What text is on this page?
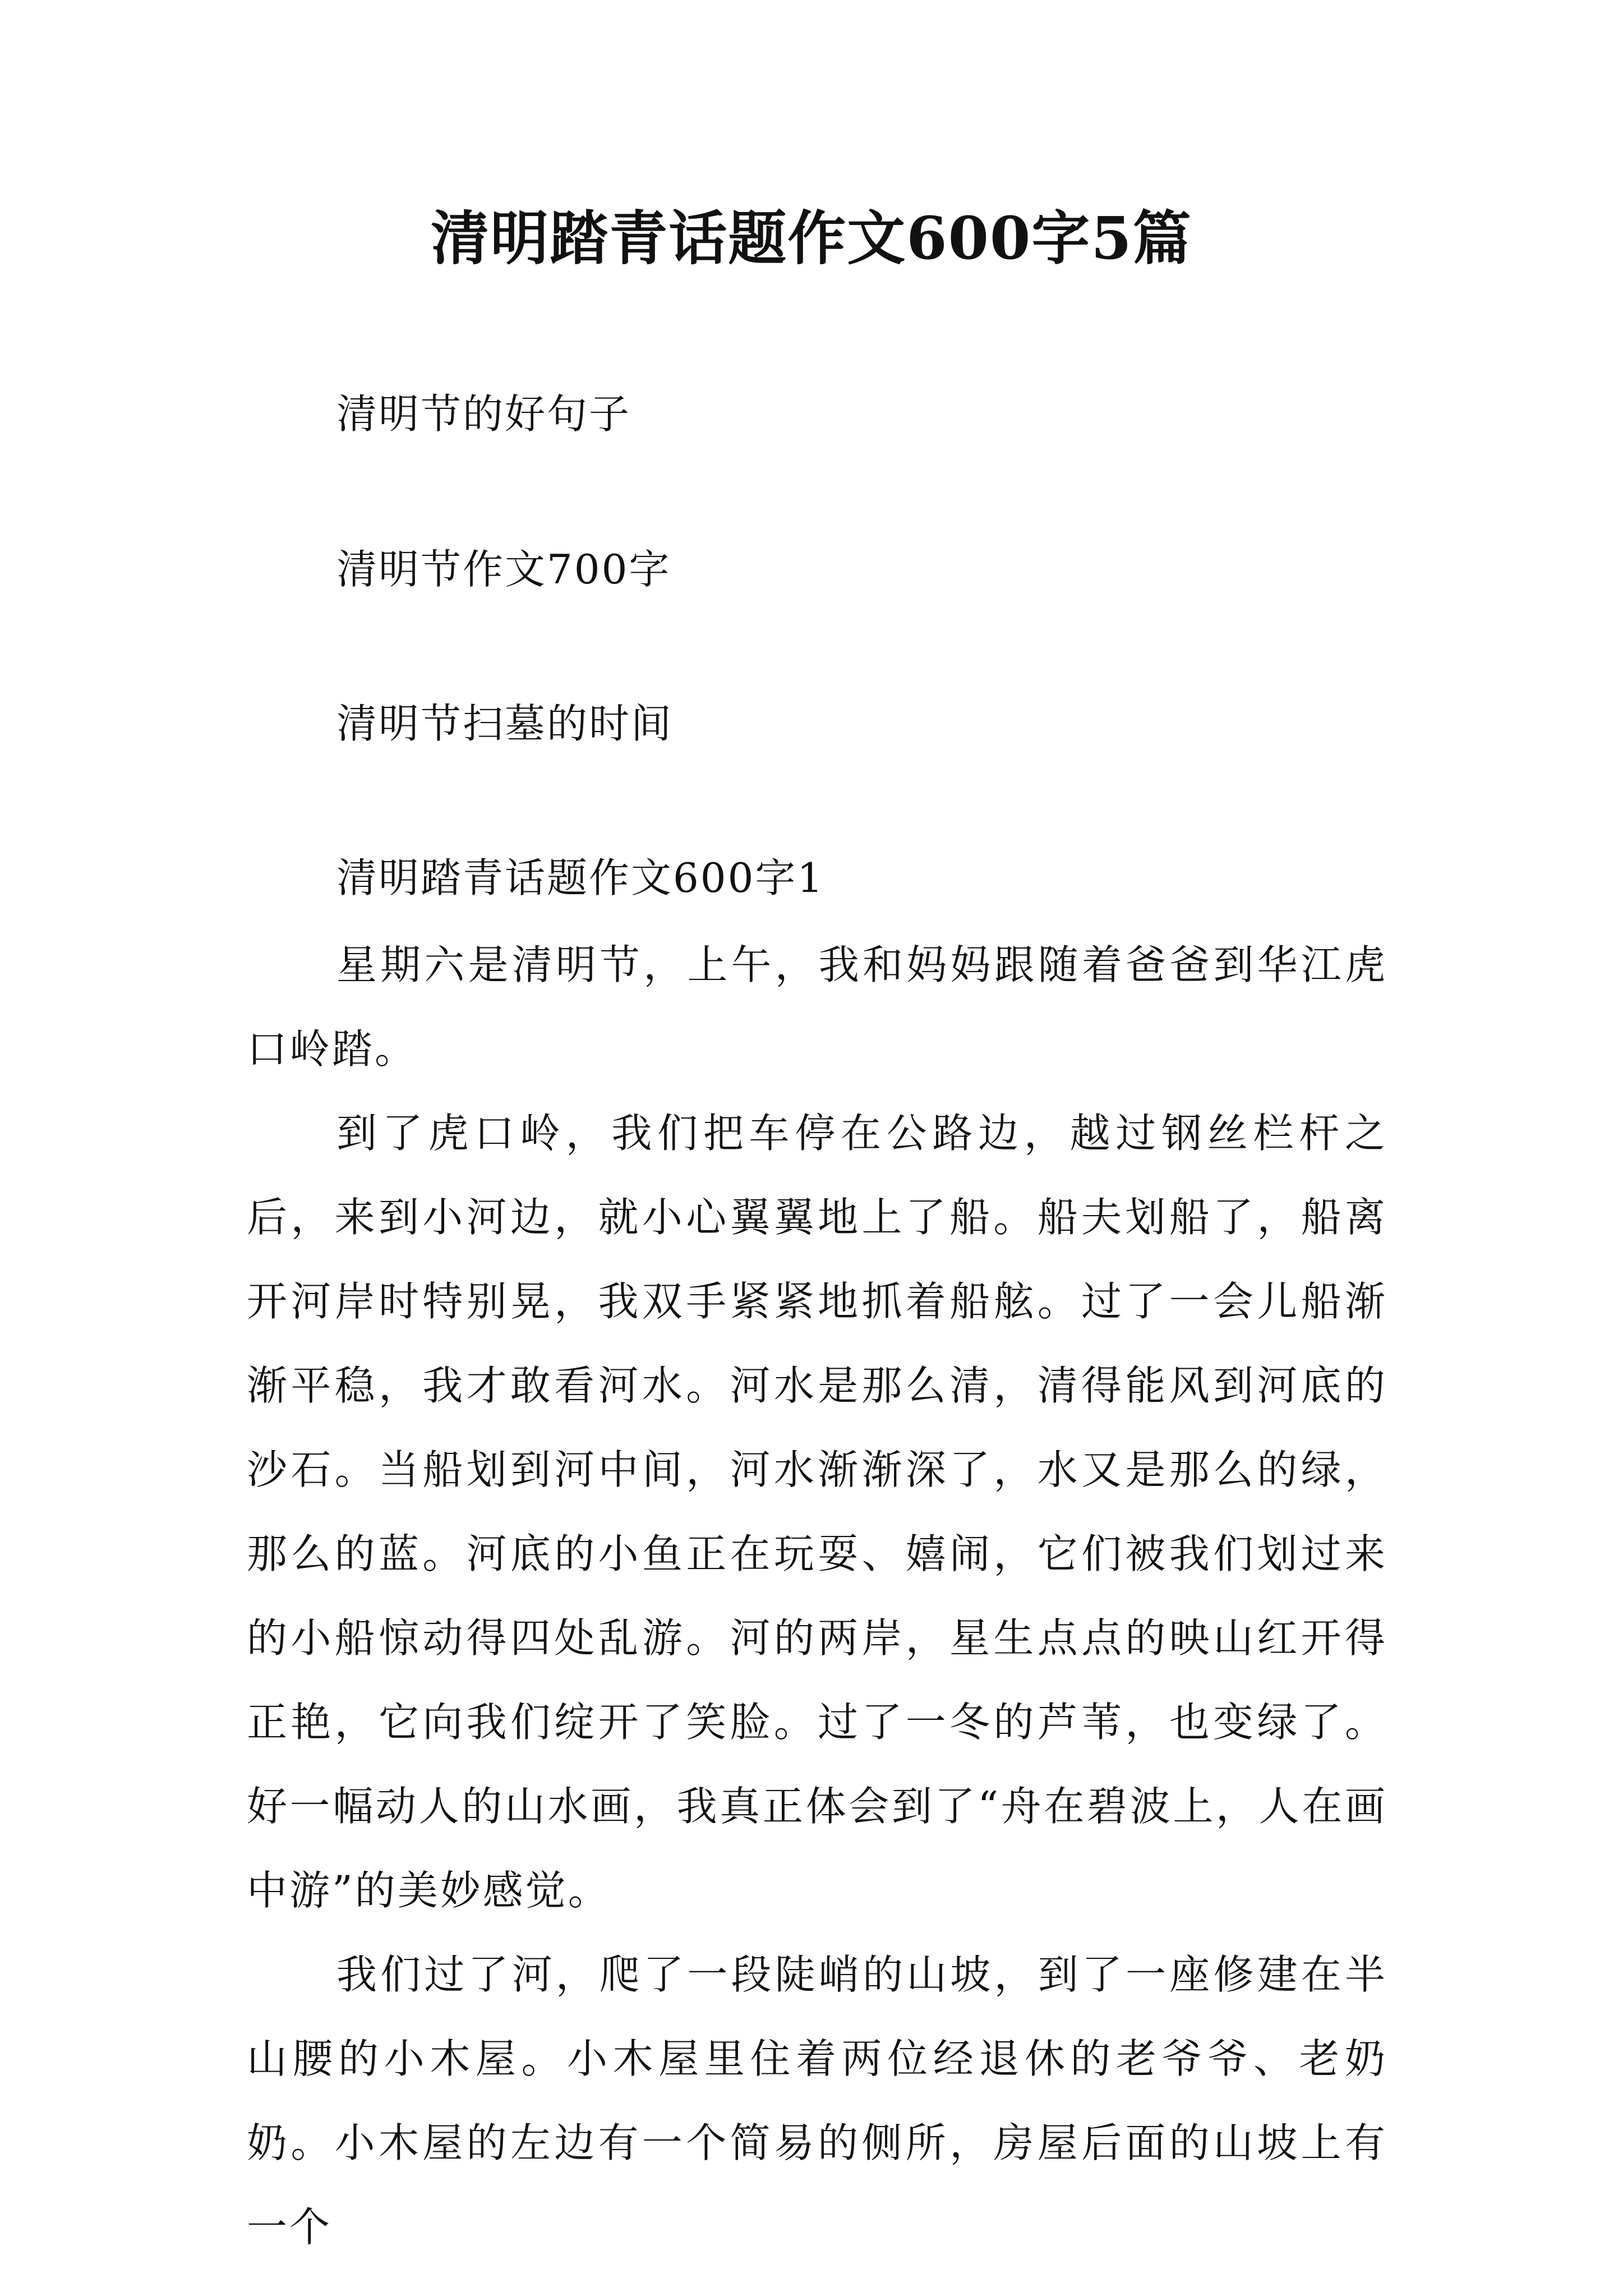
清明踏青话题作文600字5篇
清明节的好句子
清明节作文700字
清明节扫墓的时间
清明踏青话题作文600字1

星期六是清明节，上午，我和妈妈跟随着爸爸到华江虎口岭踏。

到了虎口岭，我们把车停在公路边，越过钢丝栏杆之后，来到小河边，就小心翼翼地上了船。船夫划船了，船离开河岸时特别晃，我双手紧紧地抓着船舷。过了一会儿船渐渐平稳，我才敢看河水。河水是那么清，清得能风到河底的沙石。当船划到河中间，河水渐渐深了，水又是那么的绿，那么的蓝。河底的小鱼正在玩耍、嬉闹，它们被我们划过来的小船惊动得四处乱游。河的两岸，星生点点的映山红开得正艳，它向我们绽开了笑脸。过了一冬的芦苇，也变绿了。好一幅动人的山水画，我真正体会到了“舟在碧波上，人在画中游”的美妙感觉。

我们过了河，爬了一段陡峭的山坡，到了一座修建在半山腰的小木屋。小木屋里住着两位经退休的老爷爷、老奶奶。小木屋的左边有一个简易的侧所，房屋后面的山坡上有一个
